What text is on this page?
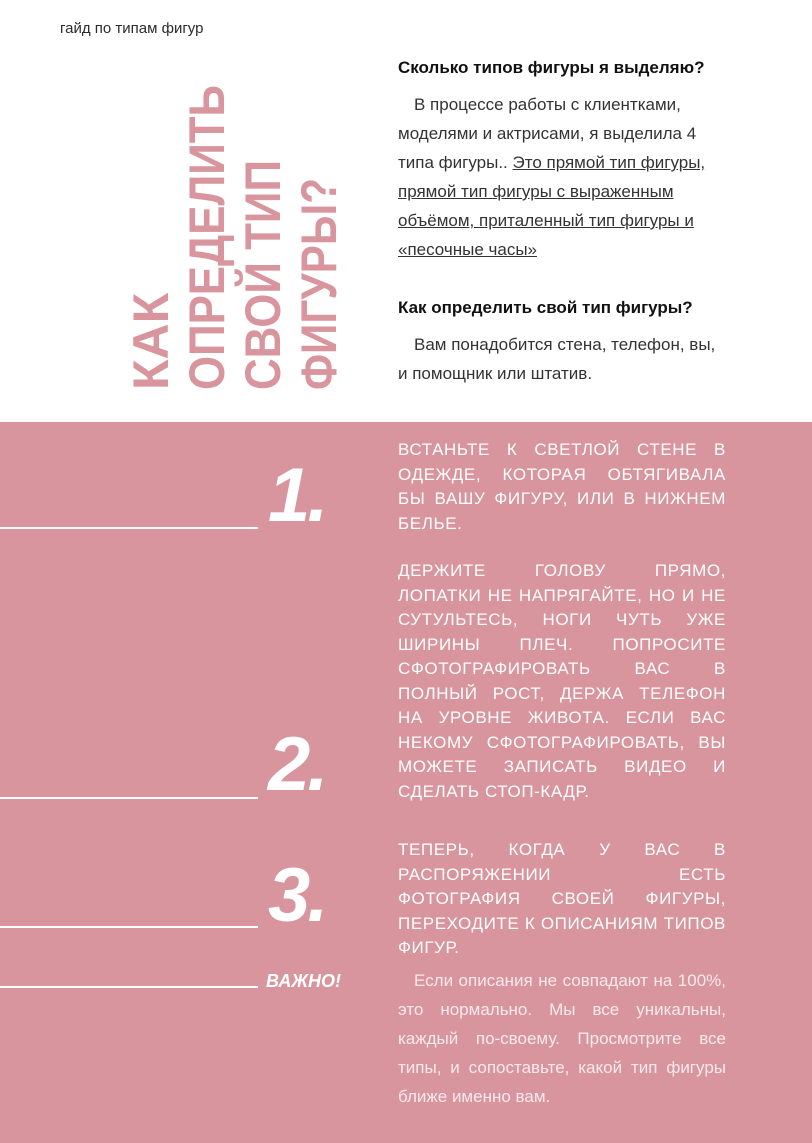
гайд по типам фигур
КАК ОПРЕДЕЛИТЬ СВОЙ ТИП ФИГУРЫ?
Сколько типов фигуры я выделяю?

В процессе работы с клиентками, моделями и актрисами, я выделила 4 типа фигуры.. Это прямой тип фигуры, прямой тип фигуры с выраженным объёмом, приталенный тип фигуры и «песочные часы»

Как определить свой тип фигуры?

Вам понадобится стена, телефон, вы, и помощник или штатив.

1.
ВСТАНЬТЕ К СВЕТЛОЙ СТЕНЕ В ОДЕЖДЕ, КОТОРАЯ ОБТЯГИВАЛА БЫ ВАШУ ФИГУРУ, ИЛИ В НИЖНЕМ БЕЛЬЕ.
2.
ДЕРЖИТЕ ГОЛОВУ ПРЯМО, ЛОПАТКИ НЕ НАПРЯГАЙТЕ, НО И НЕ СУТУЛЬТЕСЬ, НОГИ ЧУТЬ УЖЕ ШИРИНЫ ПЛЕЧ. ПОПРОСИТЕ СФОТОГРАФИРОВАТЬ ВАС В ПОЛНЫЙ РОСТ, ДЕРЖА ТЕЛЕФОН НА УРОВНЕ ЖИВОТА. ЕСЛИ ВАС НЕКОМУ СФОТОГРАФИРОВАТЬ, ВЫ МОЖЕТЕ ЗАПИСАТЬ ВИДЕО И СДЕЛАТЬ СТОП-КАДР.
3.
ТЕПЕРЬ, КОГДА У ВАС В РАСПОРЯЖЕНИИ ЕСТЬ ФОТОГРАФИЯ СВОЕЙ ФИГУРЫ, ПЕРЕХОДИТЕ К ОПИСАНИЯМ ТИПОВ ФИГУР.
ВАЖНО!	Если описания не совпадают на 100%, это нормально. Мы все уникальны, каждый по-своему. Просмотрите все типы, и сопоставьте, какой тип фигуры ближе именно вам.
